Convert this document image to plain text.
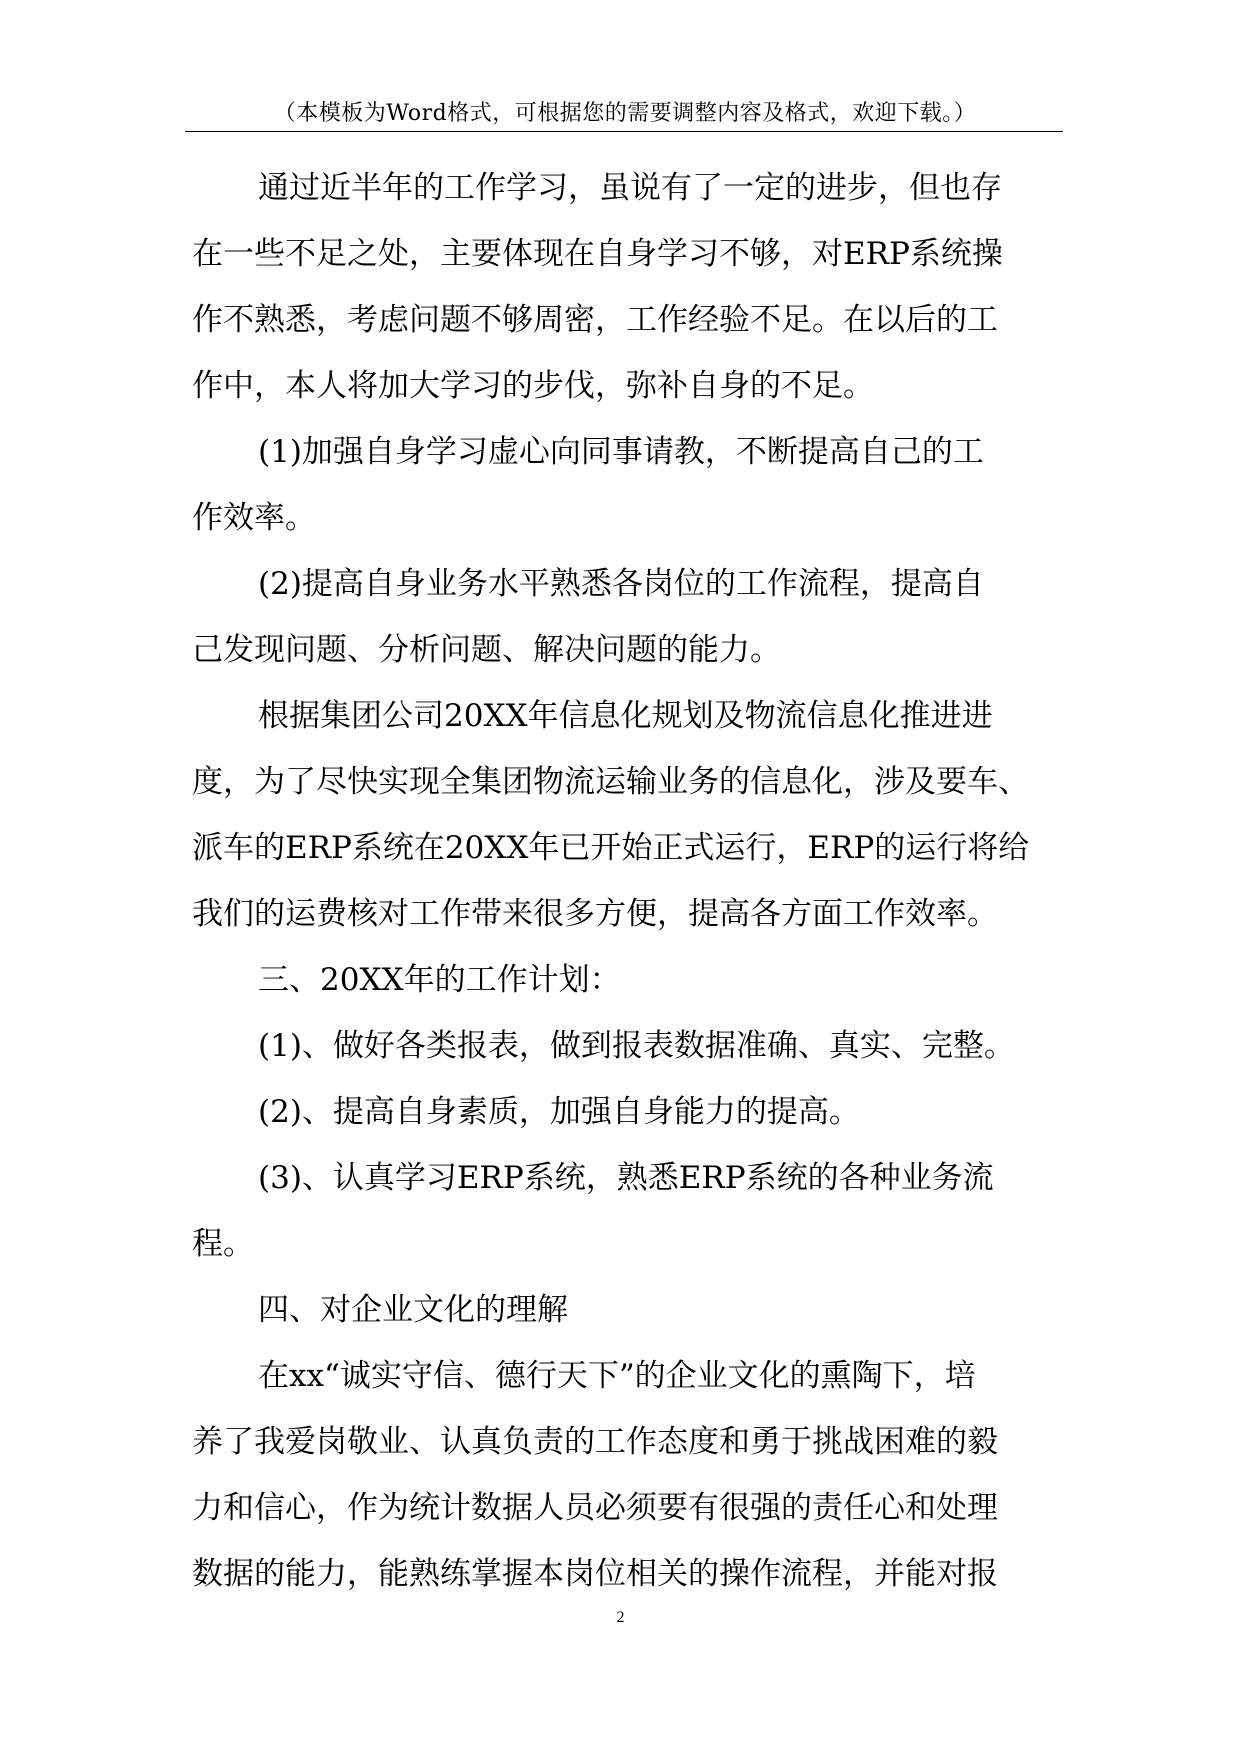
（本模板为Word格式，可根据您的需要调整内容及格式，欢迎下载。）
通过近半年的工作学习，虽说有了一定的进步，但也存
在一些不足之处，主要体现在自身学习不够，对ERP系统操
作不熟悉，考虑问题不够周密，工作经验不足。在以后的工
作中，本人将加大学习的步伐，弥补自身的不足。
(1)加强自身学习虚心向同事请教，不断提高自己的工
作效率。
(2)提高自身业务水平熟悉各岗位的工作流程，提高自
己发现问题、分析问题、解决问题的能力。
根据集团公司20XX年信息化规划及物流信息化推进进
度，为了尽快实现全集团物流运输业务的信息化，涉及要车、
派车的ERP系统在20XX年已开始正式运行，ERP的运行将给
我们的运费核对工作带来很多方便，提高各方面工作效率。
三、20XX年的工作计划：
(1)、做好各类报表，做到报表数据准确、真实、完整。
(2)、提高自身素质，加强自身能力的提高。
(3)、认真学习ERP系统，熟悉ERP系统的各种业务流
程。
四、对企业文化的理解
在xx“诚实守信、德行天下”的企业文化的熏陶下，培
养了我爱岗敬业、认真负责的工作态度和勇于挑战困难的毅
力和信心，作为统计数据人员必须要有很强的责任心和处理
数据的能力，能熟练掌握本岗位相关的操作流程，并能对报
2
